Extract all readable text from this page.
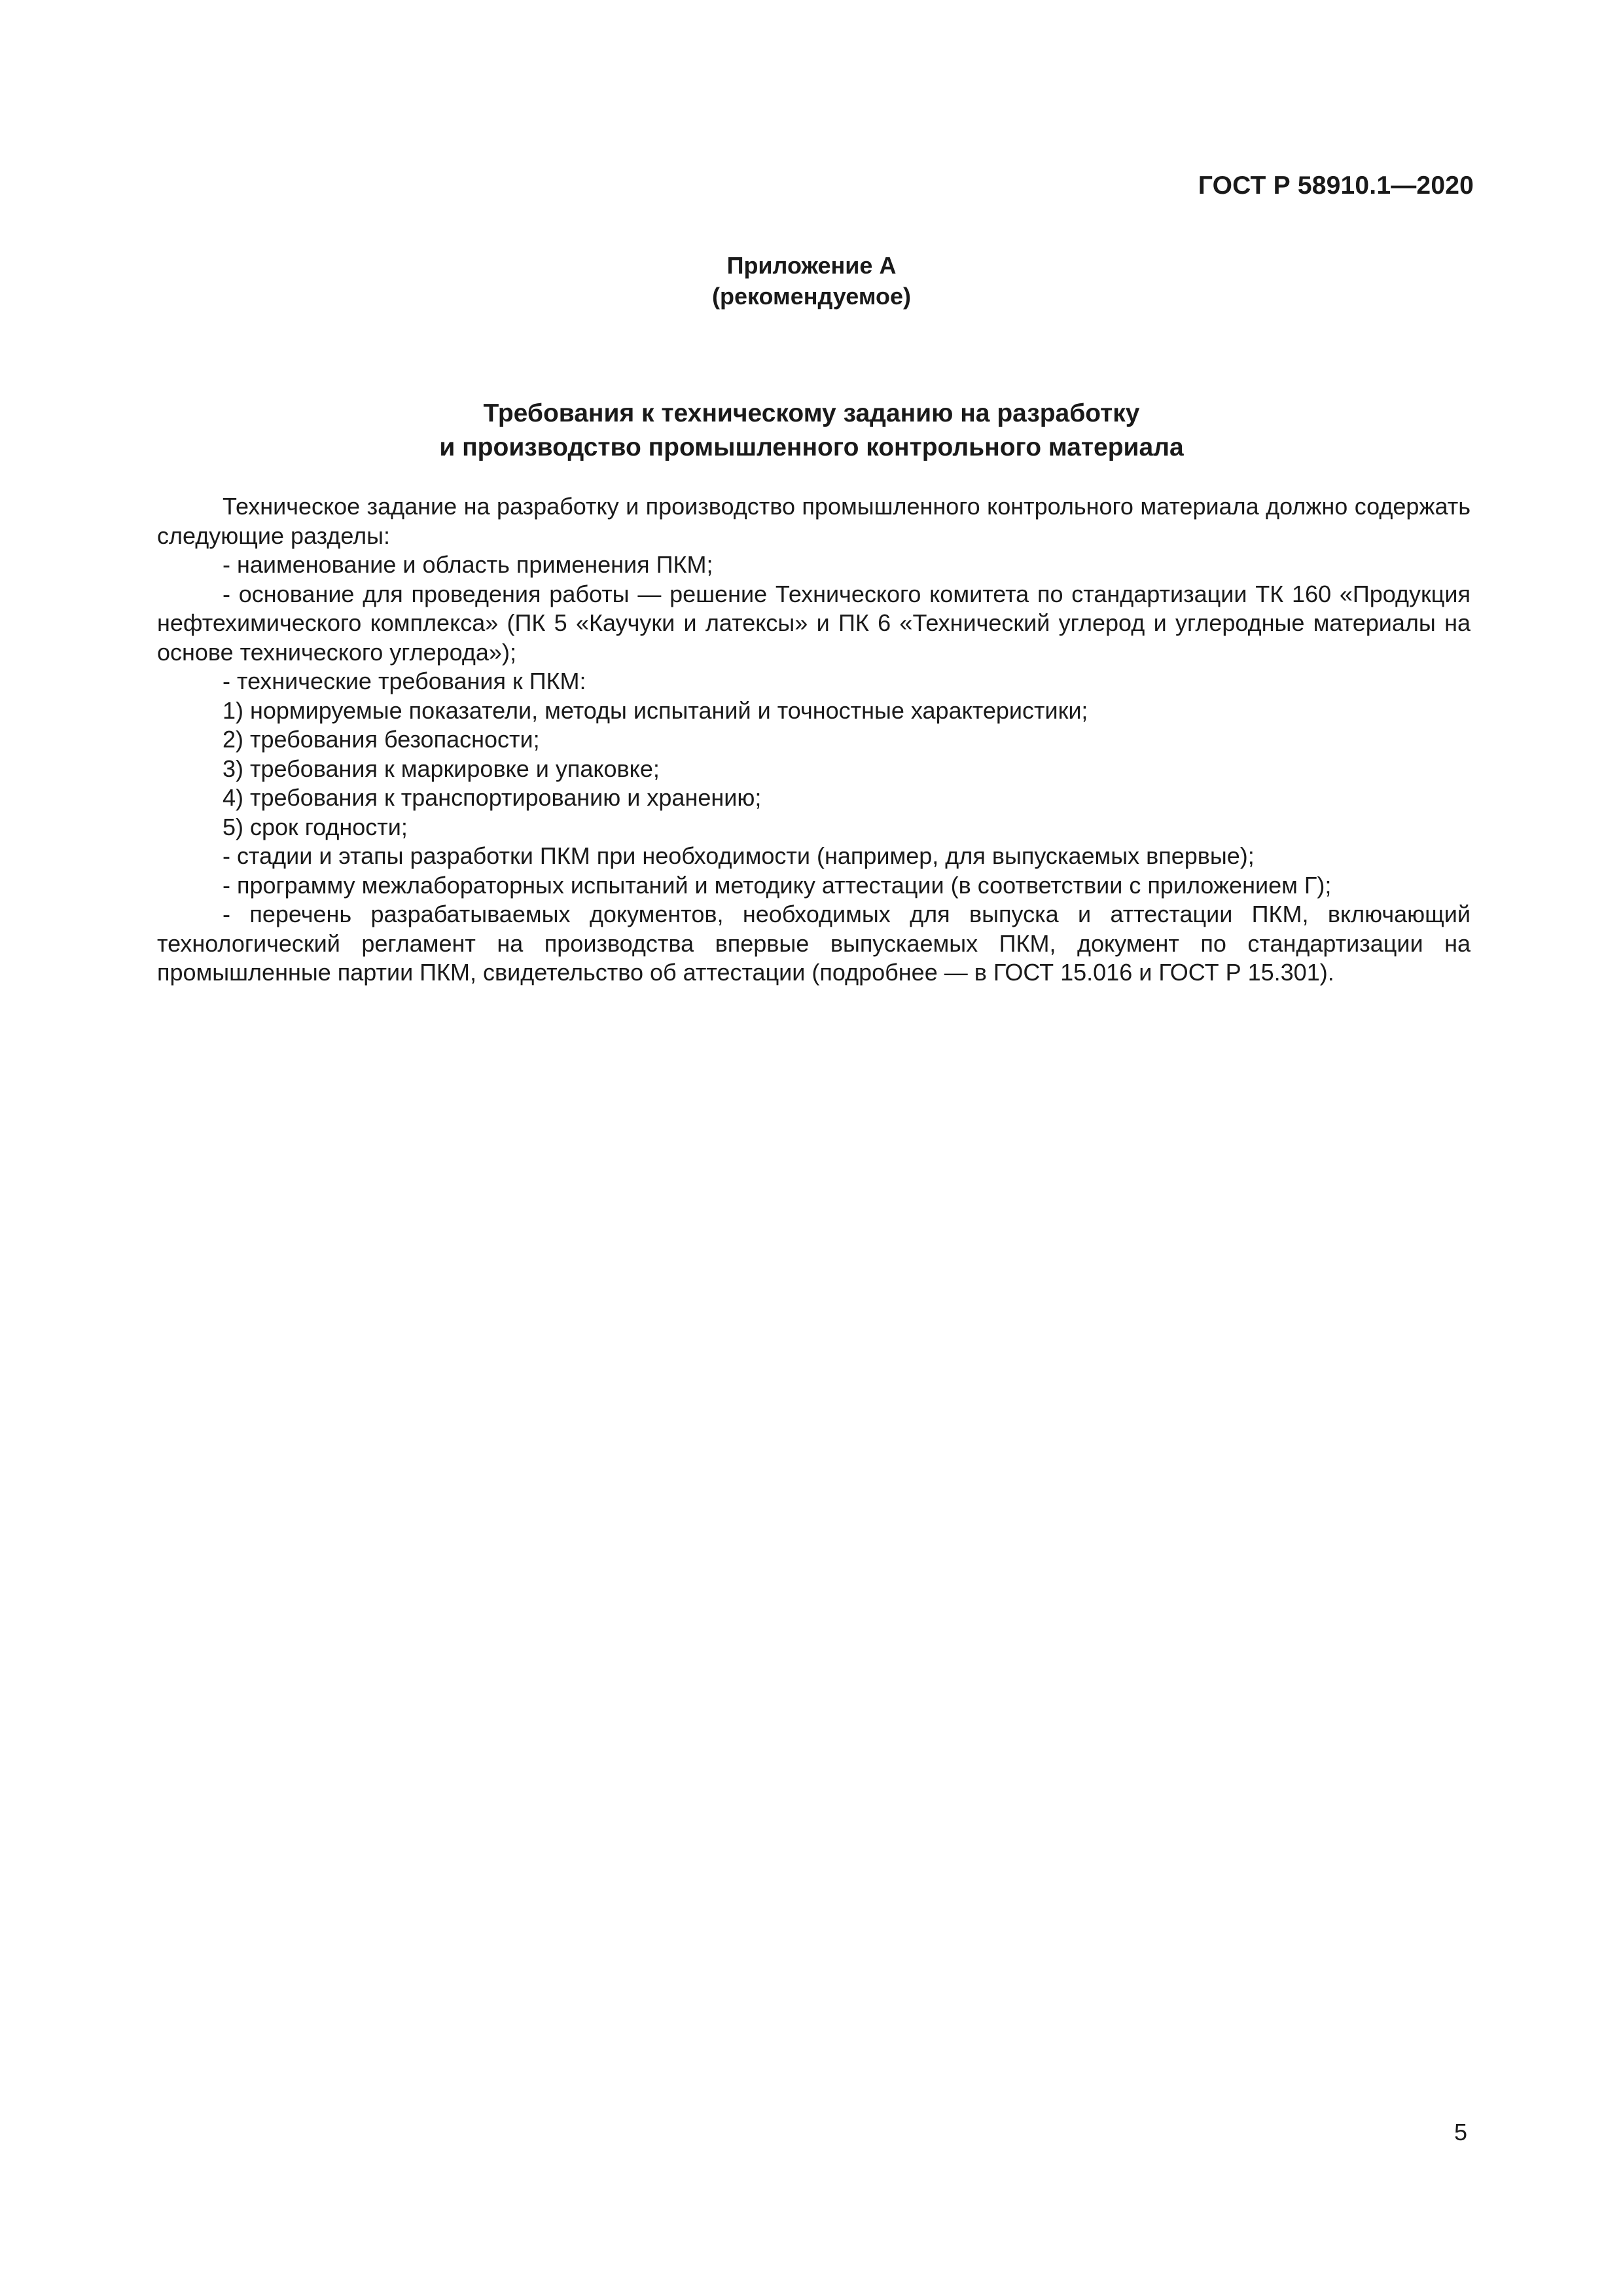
ГОСТ Р 58910.1—2020
Приложение А
(рекомендуемое)
Требования к техническому заданию на разработку
и производство промышленного контрольного материала

Техническое задание на разработку и производство промышленного контрольного материала должно содержать следующие разделы:

- наименование и область применения ПКМ;

- основание для проведения работы — решение Технического комитета по стандартизации ТК 160 «Продукция нефтехимического комплекса» (ПК 5 «Каучуки и латексы» и ПК 6 «Технический углерод и углеродные материалы на основе технического углерода»);

- технические требования к ПКМ:

1) нормируемые показатели, методы испытаний и точностные характеристики;

2) требования безопасности;

3) требования к маркировке и упаковке;

4) требования к транспортированию и хранению;

5) срок годности;

- стадии и этапы разработки ПКМ при необходимости (например, для выпускаемых впервые);

- программу межлабораторных испытаний и методику аттестации (в соответствии с приложением Г);

- перечень разрабатываемых документов, необходимых для выпуска и аттестации ПКМ, включающий технологический регламент на производства впервые выпускаемых ПКМ, документ по стандартизации на промышленные партии ПКМ, свидетельство об аттестации (подробнее — в ГОСТ 15.016 и ГОСТ Р 15.301).

5
